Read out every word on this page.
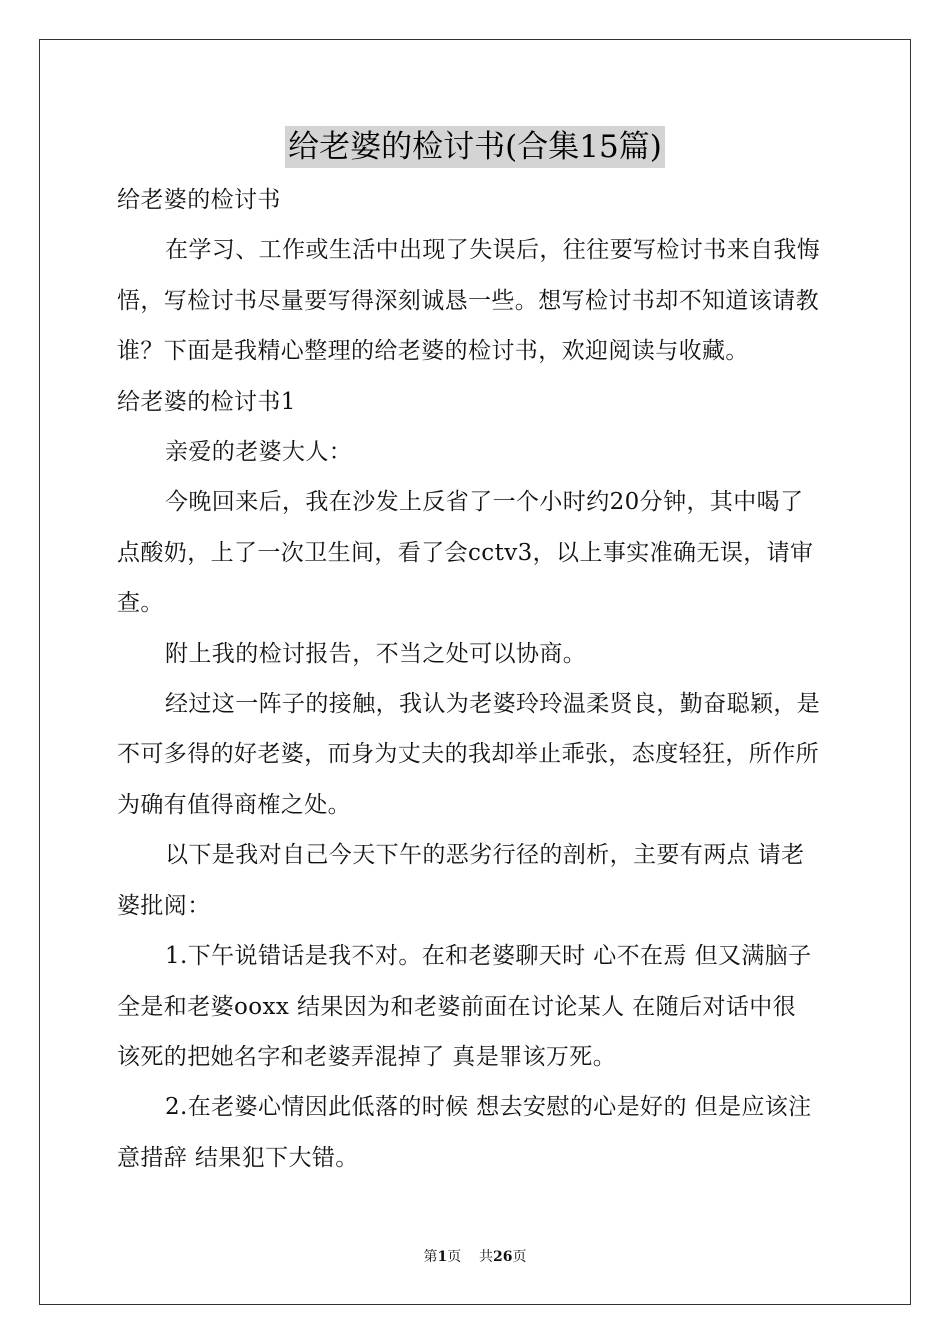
给老婆的检讨书(合集15篇)
给老婆的检讨书
在学习、工作或生活中出现了失误后，往往要写检讨书来自我悔
悟，写检讨书尽量要写得深刻诚恳一些。想写检讨书却不知道该请教
谁？下面是我精心整理的给老婆的检讨书，欢迎阅读与收藏。
给老婆的检讨书1
亲爱的老婆大人：
今晚回来后，我在沙发上反省了一个小时约20分钟，其中喝了
点酸奶，上了一次卫生间，看了会cctv3，以上事实准确无误，请审
查。
附上我的检讨报告，不当之处可以协商。
经过这一阵子的接触，我认为老婆玲玲温柔贤良，勤奋聪颖，是
不可多得的好老婆，而身为丈夫的我却举止乖张，态度轻狂，所作所
为确有值得商榷之处。
以下是我对自己今天下午的恶劣行径的剖析，主要有两点 请老
婆批阅：
1.下午说错话是我不对。在和老婆聊天时 心不在焉 但又满脑子
全是和老婆ooxx 结果因为和老婆前面在讨论某人 在随后对话中很
该死的把她名字和老婆弄混掉了 真是罪该万死。
2.在老婆心情因此低落的时候 想去安慰的心是好的 但是应该注
意措辞 结果犯下大错。
第1页 共26页
